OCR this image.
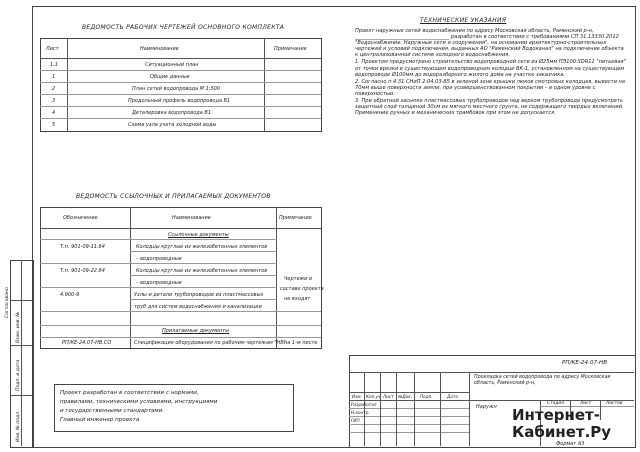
Согласовано
Взам. инв. №
Подп. и дата
Инв. № подл.
ВЕДОМОСТЬ РАБОЧИХ ЧЕРТЕЖЕЙ ОСНОВНОГО КОМПЛЕКТА
Лист	Наименование	Примечание
1.1	Ситуационный план
1	Общие данные
2	План сетей водопровода М 1:500
3	Продольный профиль водопровода В1
4	Деталировка водопровода В1
5	Схема узла учета холодной воды
ВЕДОМОСТЬ ССЫЛОЧНЫХ И ПРИЛАГАЕМЫХ ДОКУМЕНТОВ
Обозначение	Наименование	Примечание
Ссылочные документы
Т.п. 901-09-11.84	Колодцы круглые из железобетонных элементов
– водопроводные
Т.п. 901-09-22.84	Колодцы круглые из железобетонных элементов
– водопроводные
4.900-9	Узлы и детали трубопроводов из пластмассовых
труб для систем водоснабжения и канализации
Чертежи в
составе проекта
не входят
Прилагаемые документы
РП/КЕ-24.07-НВ.СО	Спецификация оборудования по рабочим чертежам "НВ"
на 1-м листе
ТЕХНИЧЕСКИЕ УКАЗАНИЯ

Проект наружные сетей водоснабжения по адресу Московская область, Раменский р-н, _____________________________________ разработан в соответствии с требованиями СП 31.13330.2012 "Водоснабжение. Наружные сети и сооружения", на основании архитектурно-строительных чертежей и условий подключения, выданных АО "Раменский Водоканал" на подключение объекта к централизованной системе холодного водоснабжения.

1. Проектом предусмотрено строительство водопроводной сети из Ø25мм ПЭ100 SDR11 "питьевая" от точки врезки в существующем водопроводном колодце ВК-1, установленном на существующем водопроводе Ø100мм до водоразборного жилого дома на участке заказчика.

2. Согласно п.4.31 СНиП 2.04.03-85 в зеленой зоне крышки люков смотровых колодцев, вывести на 70мм выше поверхности земли, при усовершенствованном покрытии – в одном уровне с поверхностью.

3. При обратной засыпке пластмассовых трубопроводов над верхом трубопровода предусмотреть защитный слой толщиной 30см из мягкого местного грунта, не содержащего твердых включений. Применение ручных и механических трамбовок при этом не допускается.

Проект разработан в соответствии с нормами,
правилами, техническими условиями, инструкциями
и государственными стандартами.
Главный инженер проекта
РП/КЕ-24.07-НВ
Прокладка сетей водопровода по адресу Московская область, Раменский р-н,
Изм. Кол.уч. Лист №Док. Подп.	Дата
Разработал
Н.контр.
ГИП
Стадия	Лист	Листов
Наружн
Формат А3
Интернет-
Кабинет.Ру
